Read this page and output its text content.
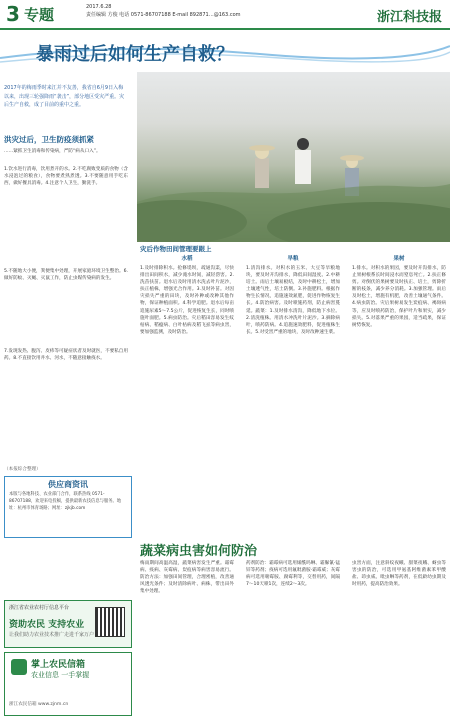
3 专题	2017.6.28
责任编辑 方俊 电话 0571-86707188 E-mail 892871…@163.com	浙江科技报
暴雨过后如何生产自救？
2017年的梅雨季时来江并不友善，我省自6月9日入梅以来，出现三轮强降雨“袭击”，部分地区受灾严重。灾后生产自救，成了目前的重中之重。
洪灾过后，卫生防疫须抓紧
……紧抓卫生消毒和传染病，严防“病从口入”。
1.饮水进行消毒，饮用煮开的水。2.不吃腐败变质的食物（含水浸泡过的粮食），食物要煮熟煮透。3.不要随意用手吃东西，做好餐具消毒。4.注意个人卫生，勤洗手。
5.不随地大小便，粪便集中处理，开展家庭环境卫生整治。6.做好防蚊、灭蝇、灭鼠工作，防止虫媒传染病的发生。
7.发现发热、腹泻、皮疹等可疑症状者及时就医，不要私自用药。8.不直接饮用井水、河水，不随意接触疫水。
（本报综合整理）
供应商资讯
本版与各地科技、农业部门合作，联系热线 0571-86707188，欢迎来电投稿，提供最新农技信息与服务。地址：杭州市体育场路；网址：zjkjb.com
浙江省农业农村厅信息平台
资助农民 支持农业
让我们助力农业技术推广走进千家万户
掌上农民信箱
农业信息 一手掌握
浙江农民信箱 www.zjnm.cn
灾后作物田间管理要跟上
水稻

1.及时排除积水。抢修堤坝，疏通沟渠，尽快排出田间积水，减少淹水时间，减轻涝害。2.洗苗扶苗。退水后及时用清水洗去叶片泥沙，扶正植株，增强光合作用。3.及时补苗。对因灾损失严重的田块，及时补种或改种其他作物，保证种植面积。4.科学追肥。退水后每亩追施尿素5～7.5公斤，促进恢复生长，同时喷施叶面肥。5.病虫防治。灾后稻田容易发生纹枯病、稻瘟病、白叶枯病及稻飞虱等病虫害，要加强监测，及时防治。

旱粮

1.清沟排水。对积水的玉米、大豆等旱粮地块，要及时开沟排水，降低田间湿度。2.中耕培土。雨后土壤易板结，及时中耕松土，增加土壤透气性，培土防倒。3.补施肥料。根据作物生长情况，追施速效氮肥，促进作物恢复生长。4.防治病害。及时喷施药剂，防止病害蔓延。蔬菜：1.及时排水清沟，降低地下水位。2.清洗植株。用清水冲洗叶片泥沙。3.摘除病叶，喷药防病。4.追施速效肥料，促进植株生长。5.对受害严重的地块，及时改种速生菜。

果树

1.排水。对积水的果园，要及时开沟排水，防止果树根系长时间浸水而窒息死亡。2.扶正修剪。对倒伏的果树要及时扶正、培土，剪除折断的枝条，减少养分消耗。3.加强管理。雨后及时松土，增施有机肥，改善土壤通气条件。4.病虫防治。灾后果树易发生炭疽病、褐斑病等，应及时喷药防治，保护叶片和果实，减少损失。5.对落果严重的果园，适当疏果，保证树势恢复。

蔬菜病虫害如何防治

梅雨期间高温高湿，蔬菜病害发生严重。霜霉病、疫病、灰霉病、炭疽病等病害容易流行。防治方法：加强田间管理，合理密植，改善通风透光条件；及时清除病叶、病株，带出田外集中处理。

药剂防治：霜霉病可选用烯酰吗啉、霜脲氰·锰锌等药剂；疫病可选用氟吡菌胺·霜霉威；灰霉病可选用嘧霉胺、腐霉利等，交替用药，间隔7～10天喷1次，连续2～3次。

虫害方面，注意斜纹夜蛾、甜菜夜蛾、蚜虫等害虫的防治，可选用甲氨基阿维菌素苯甲酸盐、茚虫威、吡虫啉等药剂，在低龄幼虫期及时用药，提高防治效果。
